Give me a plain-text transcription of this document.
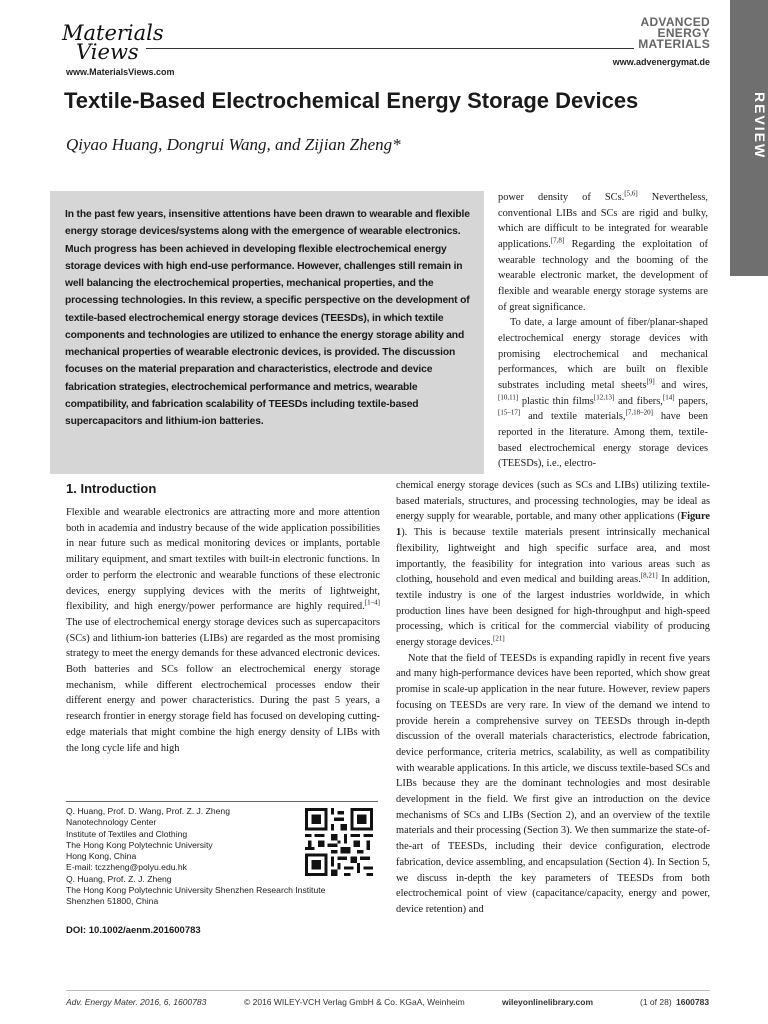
Materials
Views
www.MaterialsViews.com
ADVANCED
ENERGY
MATERIALS
www.advenergymat.de
REVIEW
Textile-Based Electrochemical Energy Storage Devices
Qiyao Huang, Dongrui Wang, and Zijian Zheng*

In the past few years, insensitive attentions have been drawn to wearable and flexible energy storage devices/systems along with the emergence of wearable electronics. Much progress has been achieved in developing flexible electrochemical energy storage devices with high end-use performance. However, challenges still remain in well balancing the electrochemical properties, mechanical properties, and the processing technologies. In this review, a specific perspective on the development of textile-based electrochemical energy storage devices (TEESDs), in which textile components and technologies are utilized to enhance the energy storage ability and mechanical properties of wearable electronic devices, is provided. The discussion focuses on the material preparation and characteristics, electrode and device fabrication strategies, electrochemical performance and metrics, wearable compatibility, and fabrication scalability of TEESDs including textile-based supercapacitors and lithium-ion batteries.

power density of SCs.[5,6] Nevertheless, conventional LIBs and SCs are rigid and bulky, which are difficult to be integrated for wearable applications.[7,8] Regarding the exploitation of wearable technology and the booming of the wearable electronic market, the development of flexible and wearable energy storage systems are of great significance.

To date, a large amount of fiber/planar-shaped electrochemical energy storage devices with promising electrochemical and mechanical performances, which are built on flexible substrates including metal sheets[9] and wires,[10,11] plastic thin films[12,13] and fibers,[14] papers,[15–17] and textile materials,[7,18–20] have been reported in the literature. Among them, textile-based electrochemical energy storage devices (TEESDs), i.e., electro-

1. Introduction

Flexible and wearable electronics are attracting more and more attention both in academia and industry because of the wide application possibilities in near future such as medical monitoring devices or implants, portable military equipment, and smart textiles with built-in electronic functions. In order to perform the electronic and wearable functions of these electronic devices, energy supplying devices with the merits of lightweight, flexibility, and high energy/power performance are highly required.[1–4] The use of electrochemical energy storage devices such as supercapacitors (SCs) and lithium-ion batteries (LIBs) are regarded as the most promising strategy to meet the energy demands for these advanced electronic devices. Both batteries and SCs follow an electrochemical energy storage mechanism, while different electrochemical processes endow their different energy and power characteristics. During the past 5 years, a research frontier in energy storage field has focused on developing cutting-edge materials that might combine the high energy density of LIBs with the long cycle life and high

chemical energy storage devices (such as SCs and LIBs) utilizing textile-based materials, structures, and processing technologies, may be ideal as energy supply for wearable, portable, and many other applications (Figure 1). This is because textile materials present intrinsically mechanical flexibility, lightweight and high specific surface area, and most importantly, the feasibility for integration into various areas such as clothing, household and even medical and building areas.[8,21] In addition, textile industry is one of the largest industries worldwide, in which production lines have been designed for high-throughput and high-speed processing, which is critical for the commercial viability of producing energy storage devices.[21]

Note that the field of TEESDs is expanding rapidly in recent five years and many high-performance devices have been reported, which show great promise in scale-up application in the near future. However, review papers focusing on TEESDs are very rare. In view of the demand we intend to provide herein a comprehensive survey on TEESDs through in-depth discussion of the overall materials characteristics, electrode fabrication, device performance, criteria metrics, scalability, as well as compatibility with wearable applications. In this article, we discuss textile-based SCs and LIBs because they are the dominant technologies and most desirable development in the field. We first give an introduction on the device mechanisms of SCs and LIBs (Section 2), and an overview of the textile materials and their processing (Section 3). We then summarize the state-of-the-art of TEESDs, including their device configuration, electrode fabrication, device assembling, and encapsulation (Section 4). In Section 5, we discuss in-depth the key parameters of TEESDs from both electrochemical point of view (capacitance/capacity, energy and power, device retention) and

Q. Huang, Prof. D. Wang, Prof. Z. J. Zheng
Nanotechnology Center
Institute of Textiles and Clothing
The Hong Kong Polytechnic University
Hong Kong, China
E-mail: tczzheng@polyu.edu.hk
Q. Huang, Prof. Z. J. Zheng
The Hong Kong Polytechnic University Shenzhen Research Institute
Shenzhen 51800, China
DOI: 10.1002/aenm.201600783
Adv. Energy Mater. 2016, 6, 1600783	© 2016 WILEY-VCH Verlag GmbH & Co. KGaA, Weinheim	wileyonlinelibrary.com	(1 of 28) 1600783
